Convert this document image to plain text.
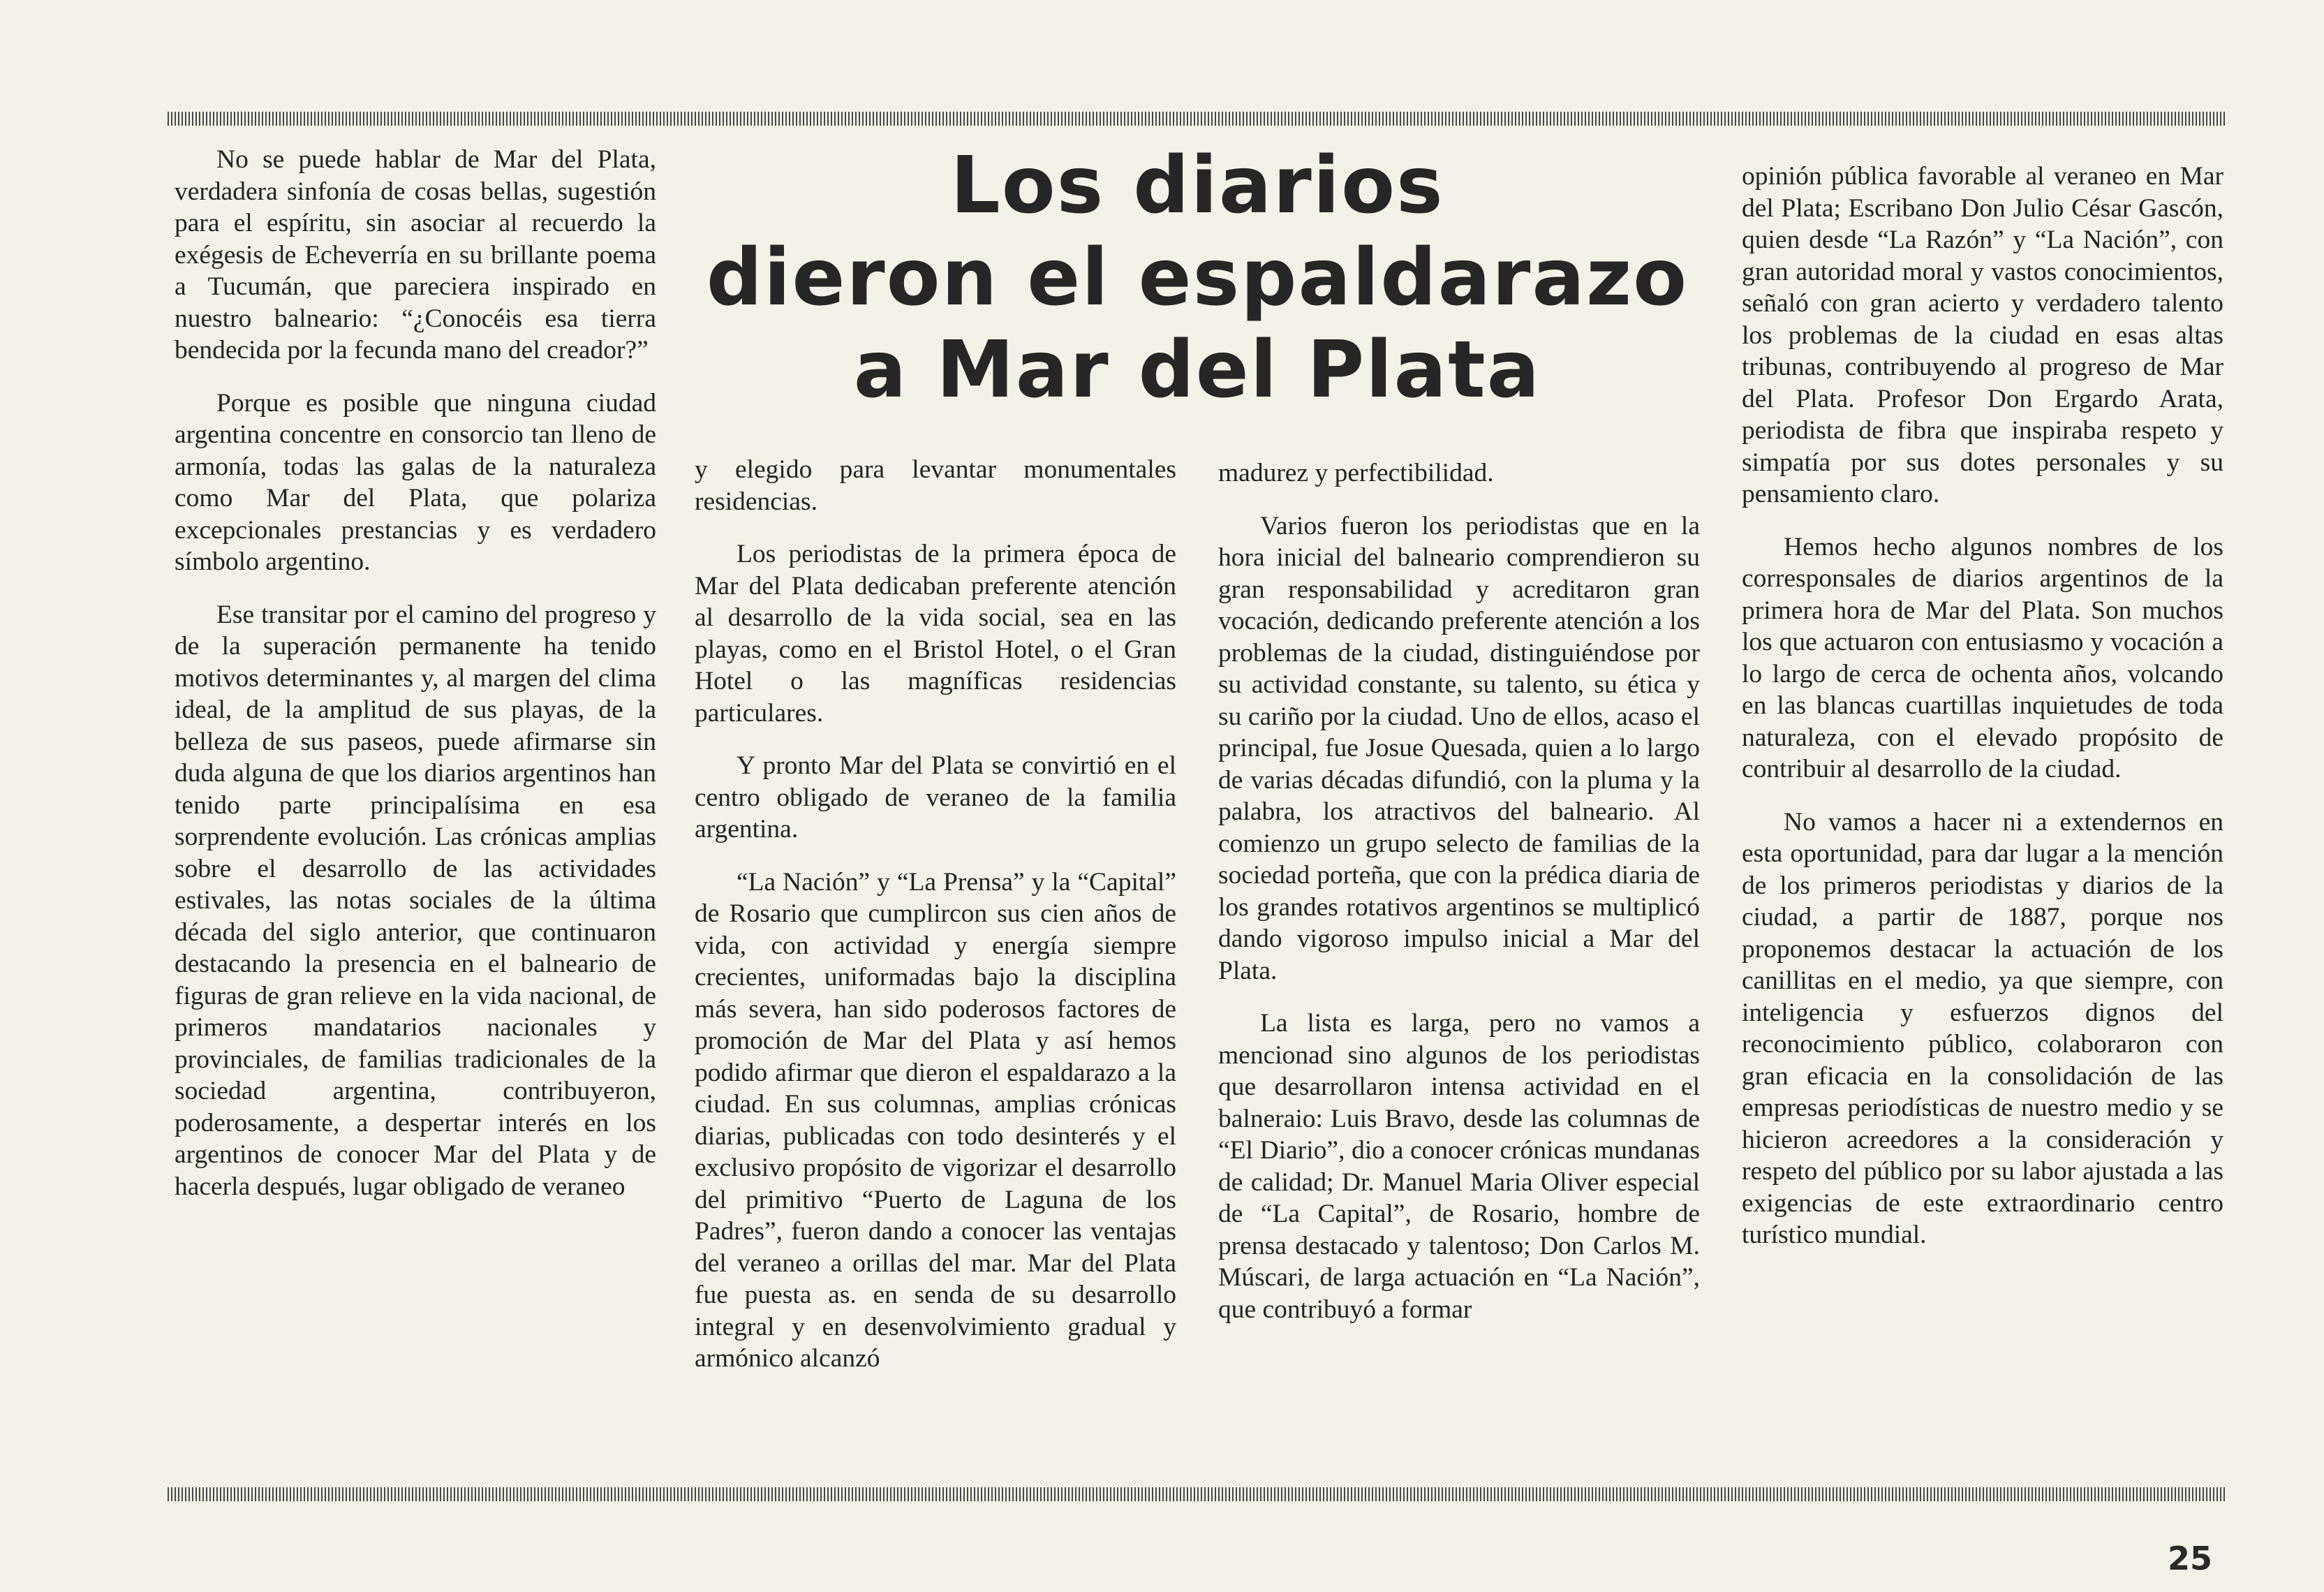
No se puede hablar de Mar del Plata, verdadera sinfonía de cosas bellas, sugestión para el espíritu, sin asociar al recuerdo la exégesis de Echeverría en su brillante poema a Tucumán, que pareciera inspirado en nuestro balneario: “¿Conocéis esa tierra bendecida por la fecunda mano del creador?”

Porque es posible que ninguna ciudad argentina concentre en consorcio tan lleno de armonía, todas las galas de la naturaleza como Mar del Plata, que polariza excepcionales prestancias y es verdadero símbolo argentino.

Ese transitar por el camino del progreso y de la superación permanente ha tenido motivos determinantes y, al margen del clima ideal, de la amplitud de sus playas, de la belleza de sus paseos, puede afirmarse sin duda alguna de que los diarios argentinos han tenido parte principalísima en esa sorprendente evolución. Las crónicas amplias sobre el desarrollo de las actividades estivales, las notas sociales de la última década del siglo anterior, que continuaron destacando la presencia en el balneario de figuras de gran relieve en la vida nacional, de primeros mandatarios nacionales y provinciales, de familias tradicionales de la sociedad argentina, contribuyeron, poderosamente, a despertar interés en los argentinos de conocer Mar del Plata y de hacerla después, lugar obligado de veraneo

Los diarios
dieron el espaldarazo
a Mar del Plata

y elegido para levantar monumentales residencias.

Los periodistas de la primera época de Mar del Plata dedicaban preferente atención al desarrollo de la vida social, sea en las playas, como en el Bristol Hotel, o el Gran Hotel o las magníficas residencias particulares.

Y pronto Mar del Plata se convirtió en el centro obligado de veraneo de la familia argentina.

“La Nación” y “La Prensa” y la “Capital” de Rosario que cumplircon sus cien años de vida, con actividad y energía siempre crecientes, uniformadas bajo la disciplina más severa, han sido poderosos factores de promoción de Mar del Plata y así hemos podido afirmar que dieron el espaldarazo a la ciudad. En sus columnas, amplias crónicas diarias, publicadas con todo desinterés y el exclusivo propósito de vigorizar el desarrollo del primitivo “Puerto de Laguna de los Padres”, fueron dando a conocer las ventajas del veraneo a orillas del mar. Mar del Plata fue puesta as. en senda de su desarrollo integral y en desenvolvimiento gradual y armónico alcanzó

madurez y perfectibilidad.

Varios fueron los periodistas que en la hora inicial del balneario comprendieron su gran responsabilidad y acreditaron gran vocación, dedicando preferente atención a los problemas de la ciudad, distinguiéndose por su actividad constante, su talento, su ética y su cariño por la ciudad. Uno de ellos, acaso el principal, fue Josue Quesada, quien a lo largo de varias décadas difundió, con la pluma y la palabra, los atractivos del balneario. Al comienzo un grupo selecto de familias de la sociedad porteña, que con la prédica diaria de los grandes rotativos argentinos se multiplicó dando vigoroso impulso inicial a Mar del Plata.

La lista es larga, pero no vamos a mencionad sino algunos de los periodistas que desarrollaron intensa actividad en el balneraio: Luis Bravo, desde las columnas de “El Diario”, dio a conocer crónicas mundanas de calidad; Dr. Manuel Maria Oliver especial de “La Capital”, de Rosario, hombre de prensa destacado y talentoso; Don Carlos M. Múscari, de larga actuación en “La Nación”, que contribuyó a formar

opinión pública favorable al veraneo en Mar del Plata; Escribano Don Julio César Gascón, quien desde “La Razón” y “La Nación”, con gran autoridad moral y vastos conocimientos, señaló con gran acierto y verdadero talento los problemas de la ciudad en esas altas tribunas, contribuyendo al progreso de Mar del Plata. Profesor Don Ergardo Arata, periodista de fibra que inspiraba respeto y simpatía por sus dotes personales y su pensamiento claro.

Hemos hecho algunos nombres de los corresponsales de diarios argentinos de la primera hora de Mar del Plata. Son muchos los que actuaron con entusiasmo y vocación a lo largo de cerca de ochenta años, volcando en las blancas cuartillas inquietudes de toda naturaleza, con el elevado propósito de contribuir al desarrollo de la ciudad.

No vamos a hacer ni a extendernos en esta oportunidad, para dar lugar a la mención de los primeros periodistas y diarios de la ciudad, a partir de 1887, porque nos proponemos destacar la actuación de los canillitas en el medio, ya que siempre, con inteligencia y esfuerzos dignos del reconocimiento público, colaboraron con gran eficacia en la consolidación de las empresas periodísticas de nuestro medio y se hicieron acreedores a la consideración y respeto del público por su labor ajustada a las exigencias de este extraordinario centro turístico mundial.

25
